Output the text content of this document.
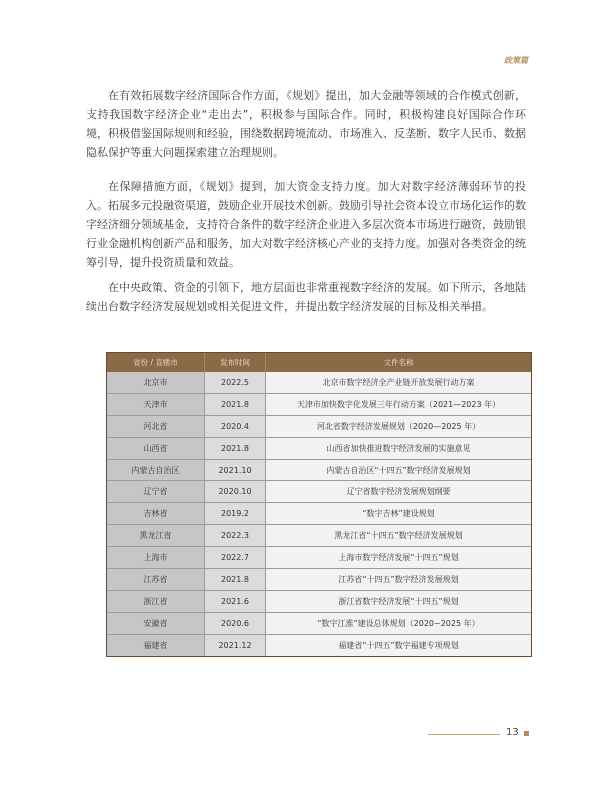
政策篇

在有效拓展数字经济国际合作方面，《规划》提出，加大金融等领域的合作模式创新，支持我国数字经济企业“走出去”，积极参与国际合作。同时，积极构建良好国际合作环境，积极借鉴国际规则和经验，围绕数据跨境流动、市场准入、反垄断、数字人民币、数据隐私保护等重大问题探索建立治理规则。

在保障措施方面，《规划》提到，加大资金支持力度。加大对数字经济薄弱环节的投入。拓展多元投融资渠道，鼓励企业开展技术创新。鼓励引导社会资本设立市场化运作的数字经济细分领域基金，支持符合条件的数字经济企业进入多层次资本市场进行融资，鼓励银行业金融机构创新产品和服务，加大对数字经济核心产业的支持力度。加强对各类资金的统筹引导，提升投资质量和效益。

在中央政策、资金的引领下，地方层面也非常重视数字经济的发展。如下所示，各地陆续出台数字经济发展规划或相关促进文件，并提出数字经济发展的目标及相关举措。

省份 / 直辖市	发布时间	文件名称
北京市	2022.5	北京市数字经济全产业链开放发展行动方案
天津市	2021.8	天津市加快数字化发展三年行动方案（2021—2023 年）
河北省	2020.4	河北省数字经济发展规划（2020—2025 年）
山西省	2021.8	山西省加快推进数字经济发展的实施意见
内蒙古自治区	2021.10	内蒙古自治区“十四五”数字经济发展规划
辽宁省	2020.10	辽宁省数字经济发展规划纲要
吉林省	2019.2	“数字吉林”建设规划
黑龙江省	2022.3	黑龙江省“十四五”数字经济发展规划
上海市	2022.7	上海市数字经济发展“十四五”规划
江苏省	2021.8	江苏省“十四五”数字经济发展规划
浙江省	2021.6	浙江省数字经济发展“十四五”规划
安徽省	2020.6	“数字江淮”建设总体规划（2020~2025 年）
福建省	2021.12	福建省“十四五”数字福建专项规划
13
